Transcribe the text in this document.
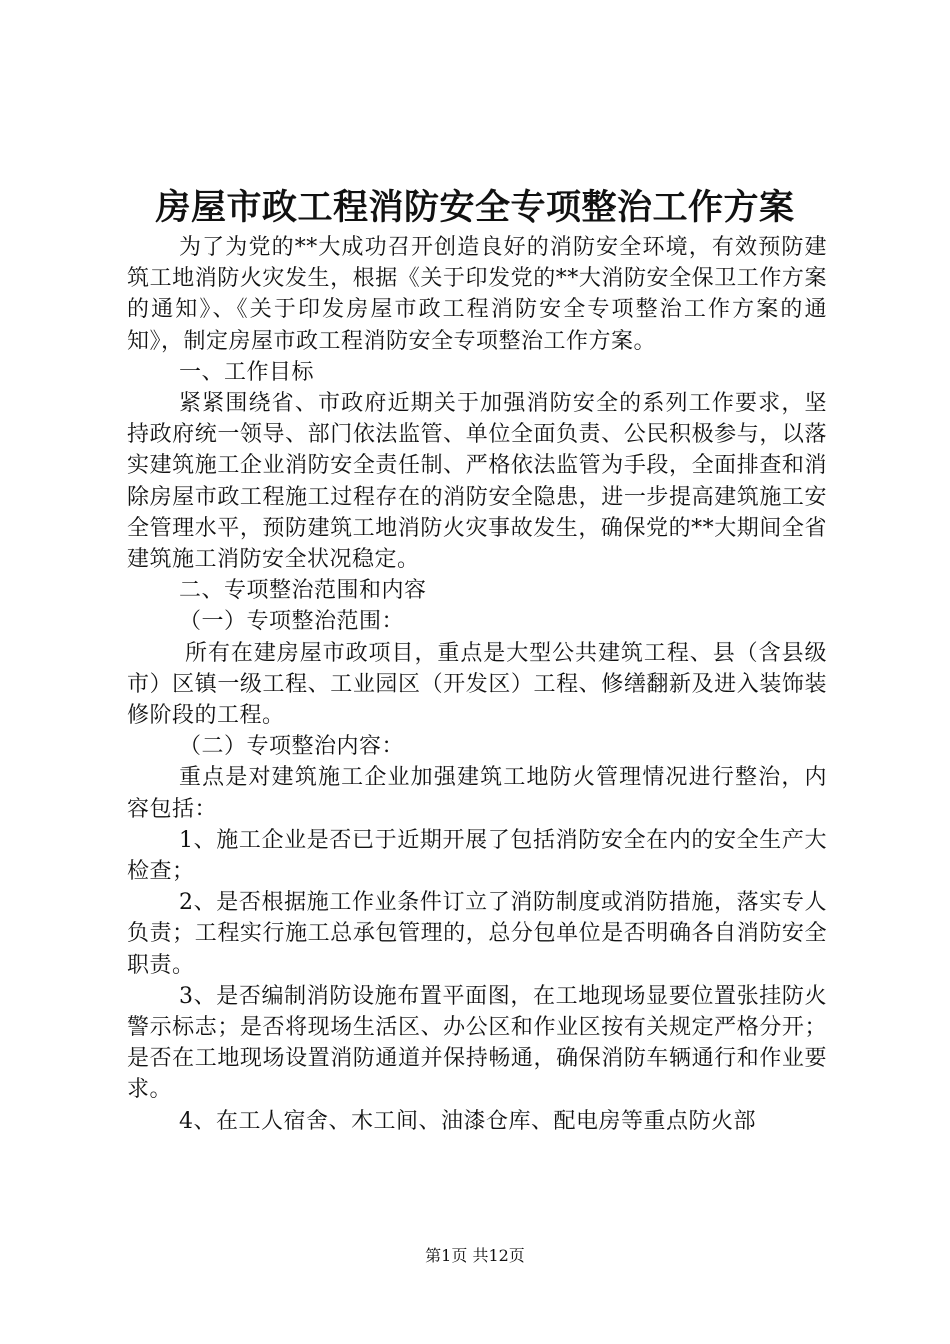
房屋市政工程消防安全专项整治工作方案

为了为党的**大成功召开创造良好的消防安全环境，有效预防建筑工地消防火灾发生，根据《关于印发党的**大消防安全保卫工作方案的通知》、《关于印发房屋市政工程消防安全专项整治工作方案的通知》，制定房屋市政工程消防安全专项整治工作方案。

一、工作目标

紧紧围绕省、市政府近期关于加强消防安全的系列工作要求，坚持政府统一领导、部门依法监管、单位全面负责、公民积极参与，以落实建筑施工企业消防安全责任制、严格依法监管为手段，全面排查和消除房屋市政工程施工过程存在的消防安全隐患，进一步提高建筑施工安全管理水平，预防建筑工地消防火灾事故发生，确保党的**大期间全省建筑施工消防安全状况稳定。

二、专项整治范围和内容

（一）专项整治范围：

所有在建房屋市政项目，重点是大型公共建筑工程、县（含县级市）区镇一级工程、工业园区（开发区）工程、修缮翻新及进入装饰装修阶段的工程。

（二）专项整治内容：

重点是对建筑施工企业加强建筑工地防火管理情况进行整治，内容包括：

1、施工企业是否已于近期开展了包括消防安全在内的安全生产大检查；

2、是否根据施工作业条件订立了消防制度或消防措施，落实专人负责；工程实行施工总承包管理的，总分包单位是否明确各自消防安全职责。

3、是否编制消防设施布置平面图，在工地现场显要位置张挂防火警示标志；是否将现场生活区、办公区和作业区按有关规定严格分开；是否在工地现场设置消防通道并保持畅通，确保消防车辆通行和作业要求。

4、在工人宿舍、木工间、油漆仓库、配电房等重点防火部

第1页 共12页
